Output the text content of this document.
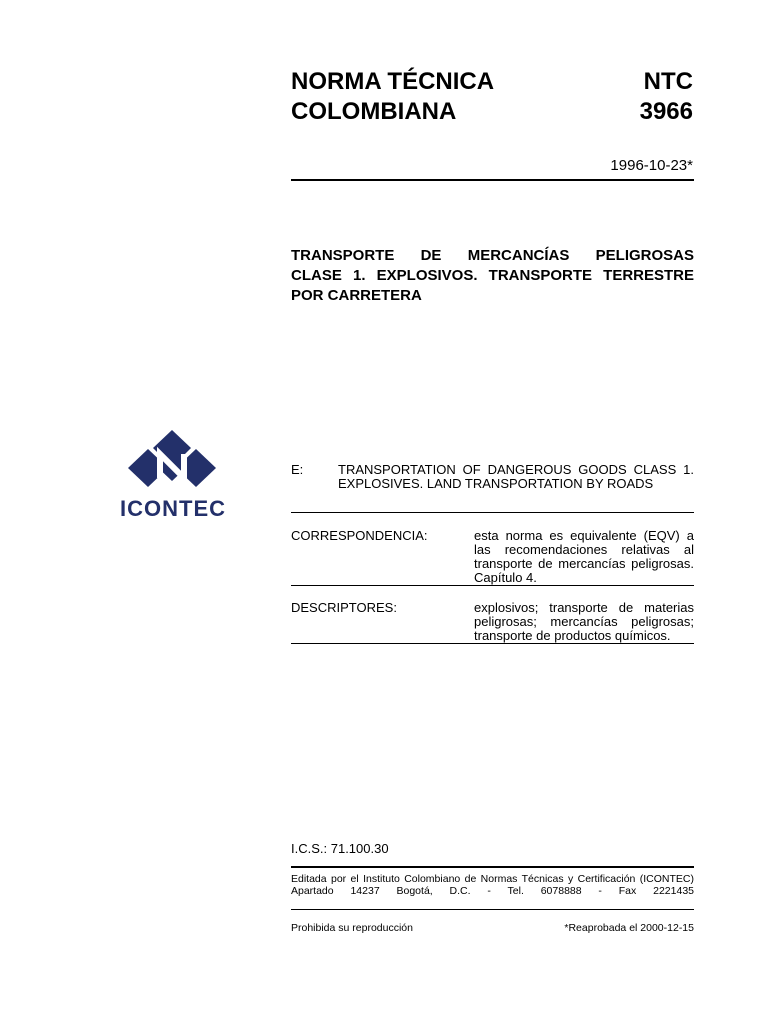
NORMA TÉCNICA
COLOMBIANA
NTC
3966
1996-10-23*
TRANSPORTE DE MERCANCÍAS PELIGROSAS
CLASE 1. EXPLOSIVOS. TRANSPORTE TERRESTRE
POR CARRETERA
ICONTEC
E:	TRANSPORTATION OF DANGEROUS GOODS CLASS 1.
EXPLOSIVES. LAND TRANSPORTATION BY ROADS
CORRESPONDENCIA:	esta norma es equivalente (EQV) a
las recomendaciones relativas al
transporte de mercancías peligrosas.
Capítulo 4.
DESCRIPTORES:	explosivos; transporte de materias
peligrosas; mercancías peligrosas;
transporte de productos químicos.
I.C.S.: 71.100.30
Editada por el Instituto Colombiano de Normas Técnicas y Certificación (ICONTEC)
Apartado 14237 Bogotá, D.C. - Tel. 6078888 - Fax 2221435
Prohibida su reproducción	*Reaprobada el 2000-12-15
